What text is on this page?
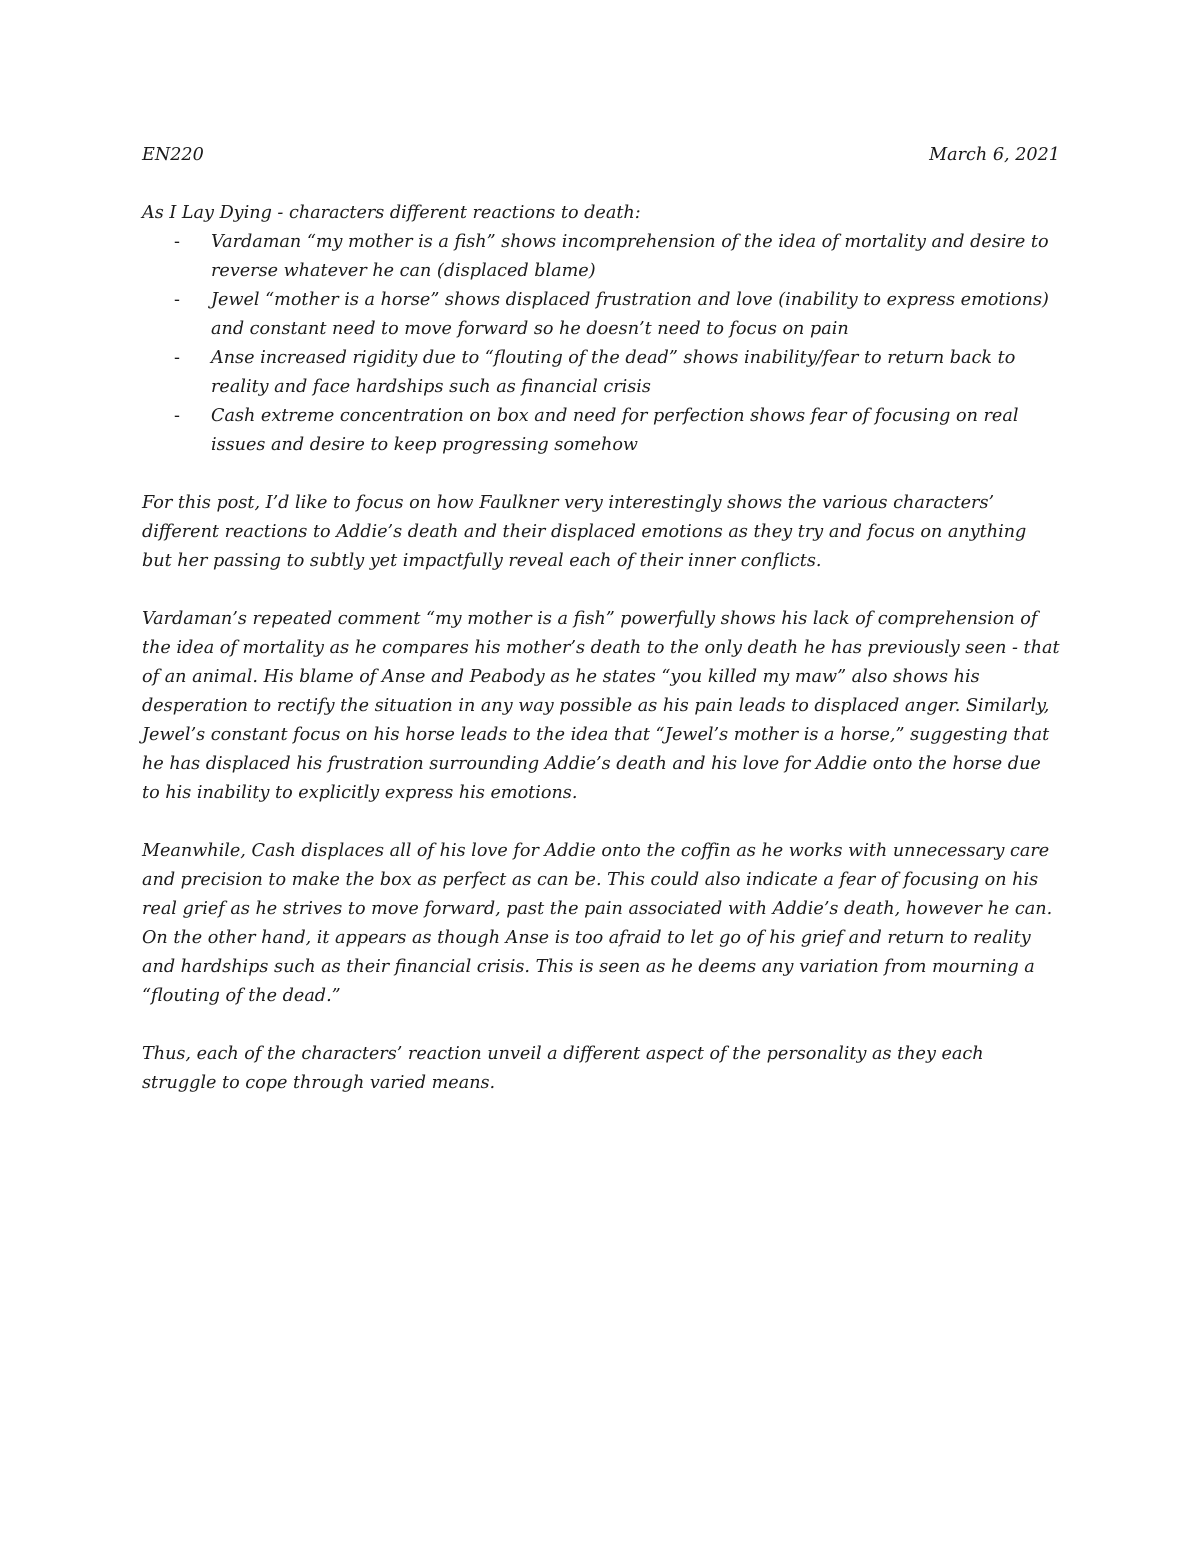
EN220	March 6, 2021
As I Lay Dying - characters different reactions to death:
- Vardaman “my mother is a fish” shows incomprehension of the idea of mortality and desire to reverse whatever he can (displaced blame)
- Jewel “mother is a horse” shows displaced frustration and love (inability to express emotions) and constant need to move forward so he doesn’t need to focus on pain
- Anse increased rigidity due to “flouting of the dead” shows inability/fear to return back to reality and face hardships such as financial crisis
- Cash extreme concentration on box and need for perfection shows fear of focusing on real issues and desire to keep progressing somehow

For this post, I’d like to focus on how Faulkner very interestingly shows the various characters’ different reactions to Addie’s death and their displaced emotions as they try and focus on anything but her passing to subtly yet impactfully reveal each of their inner conflicts.

Vardaman’s repeated comment “my mother is a fish” powerfully shows his lack of comprehension of the idea of mortality as he compares his mother’s death to the only death he has previously seen - that of an animal. His blame of Anse and Peabody as he states “you killed my maw” also shows his desperation to rectify the situation in any way possible as his pain leads to displaced anger. Similarly, Jewel’s constant focus on his horse leads to the idea that “Jewel’s mother is a horse,” suggesting that he has displaced his frustration surrounding Addie’s death and his love for Addie onto the horse due to his inability to explicitly express his emotions.

Meanwhile, Cash displaces all of his love for Addie onto the coffin as he works with unnecessary care and precision to make the box as perfect as can be. This could also indicate a fear of focusing on his real grief as he strives to move forward, past the pain associated with Addie’s death, however he can. On the other hand, it appears as though Anse is too afraid to let go of his grief and return to reality and hardships such as their financial crisis. This is seen as he deems any variation from mourning a “flouting of the dead.”

Thus, each of the characters’ reaction unveil a different aspect of the personality as they each struggle to cope through varied means.
